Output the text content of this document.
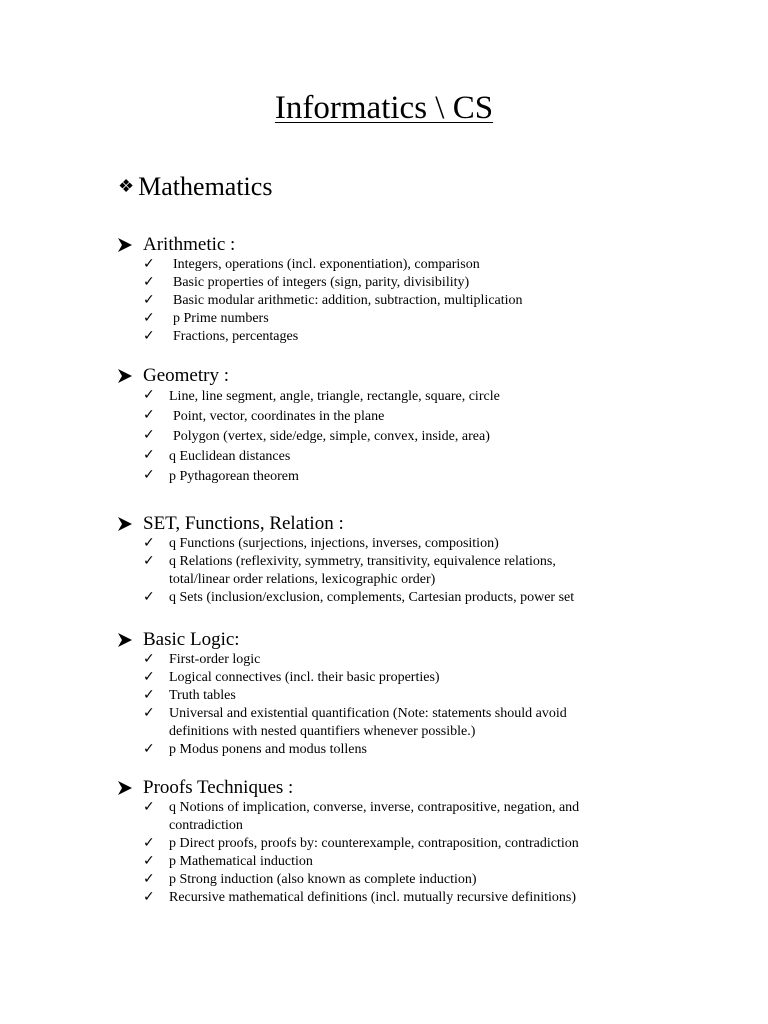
Informatics \ CS
❖ Mathematics
Arithmetic :
✓ Integers, operations (incl. exponentiation), comparison
✓ Basic properties of integers (sign, parity, divisibility)
✓ Basic modular arithmetic: addition, subtraction, multiplication
✓ p Prime numbers
✓ Fractions, percentages
Geometry :
✓ Line, line segment, angle, triangle, rectangle, square, circle
✓ Point, vector, coordinates in the plane
✓ Polygon (vertex, side/edge, simple, convex, inside, area)
✓ q Euclidean distances
✓ p Pythagorean theorem
SET, Functions, Relation :
✓ q Functions (surjections, injections, inverses, composition)
✓ q Relations (reflexivity, symmetry, transitivity, equivalence relations,
total/linear order relations, lexicographic order)
✓ q Sets (inclusion/exclusion, complements, Cartesian products, power set
Basic Logic:
✓ First-order logic
✓ Logical connectives (incl. their basic properties)
✓ Truth tables
✓ Universal and existential quantification (Note: statements should avoid
definitions with nested quantifiers whenever possible.)
✓ p Modus ponens and modus tollens
Proofs Techniques :
✓ q Notions of implication, converse, inverse, contrapositive, negation, and
contradiction
✓ p Direct proofs, proofs by: counterexample, contraposition, contradiction
✓ p Mathematical induction
✓ p Strong induction (also known as complete induction)
✓ Recursive mathematical definitions (incl. mutually recursive definitions)
